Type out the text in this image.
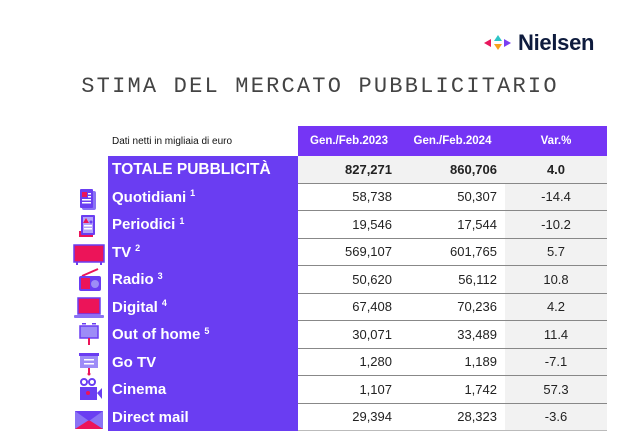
Nielsen
STIMA DEL MERCATO PUBBLICITARIO
Dati netti in migliaia di euro	Gen./Feb.2023	Gen./Feb.2024	Var.%
TOTALE PUBBLICITÀ	827,271	860,706	4.0
Quotidiani $^1$	58,738	50,307	-14.4
Periodici $^1$	19,546	17,544	-10.2
TV $^2$	569,107	601,765	5.7
Radio $^3$	50,620	56,112	10.8
Digital $^4$	67,408	70,236	4.2
Out of home $^5$	30,071	33,489	11.4
Go TV	1,280	1,189	-7.1
Cinema	1,107	1,742	57.3
Direct mail	29,394	28,323	-3.6
